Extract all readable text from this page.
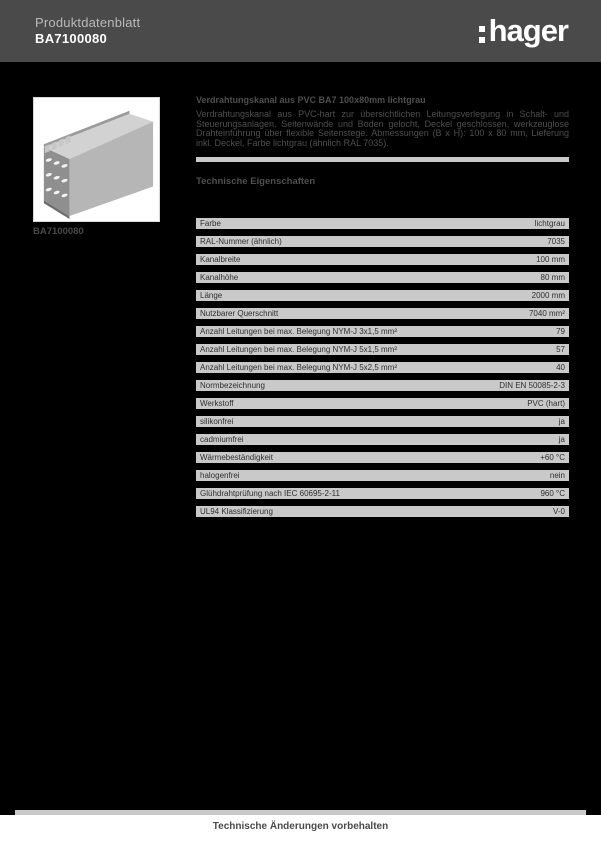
Produktdatenblatt
BA7100080	hager
BA7100080
Verdrahtungskanal aus PVC BA7 100x80mm lichtgrau
Verdrahtungskanal aus PVC-hart zur übersichtlichen Leitungsverlegung in Schalt- und Steuerungsanlagen. Seitenwände und Boden gelocht, Deckel geschlossen, werkzeuglose Drahteinführung über flexible Seitenstege. Abmessungen (B x H): 100 x 80 mm, Lieferung inkl. Deckel, Farbe lichtgrau (ähnlich RAL 7035).
Technische Eigenschaften
Farbe	lichtgrau
RAL-Nummer (ähnlich)	7035
Kanalbreite	100 mm
Kanalhöhe	80 mm
Länge	2000 mm
Nutzbarer Querschnitt	7040 mm²
Anzahl Leitungen bei max. Belegung NYM-J 3x1,5 mm²	79
Anzahl Leitungen bei max. Belegung NYM-J 5x1,5 mm²	57
Anzahl Leitungen bei max. Belegung NYM-J 5x2,5 mm²	40
Normbezeichnung	DIN EN 50085-2-3
Werkstoff	PVC (hart)
silikonfrei	ja
cadmiumfrei	ja
Wärmebeständigkeit	+60 °C
halogenfrei	nein
Glühdrahtprüfung nach IEC 60695-2-11	960 °C
UL94 Klassifizierung	V-0
Technische Änderungen vorbehalten
